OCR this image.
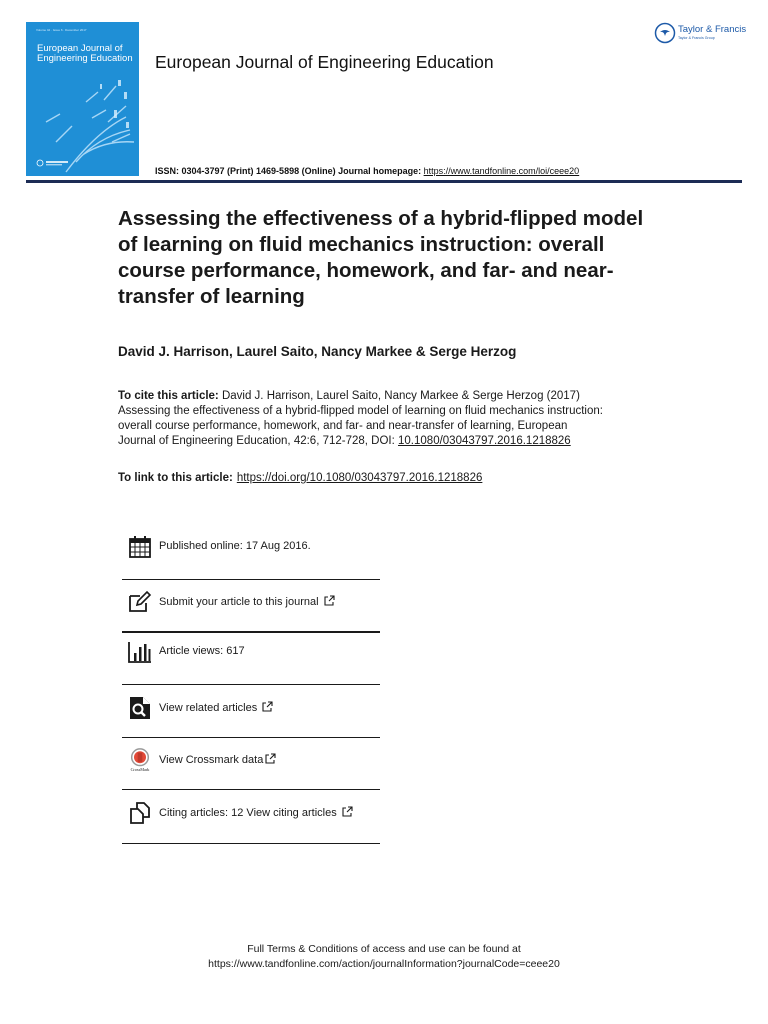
Volume 42 · Issue 6 · December 2017
European Journal of Engineering Education European Journal of Engineering Education
Taylor & Francis
Taylor & Francis Group
ISSN: 0304-3797 (Print) 1469-5898 (Online) Journal homepage: https://www.tandfonline.com/loi/ceee20
Assessing the effectiveness of a hybrid-flipped model of learning on fluid mechanics instruction: overall course performance, homework, and far- and near-transfer of learning
David J. Harrison, Laurel Saito, Nancy Markee & Serge Herzog
To cite this article: David J. Harrison, Laurel Saito, Nancy Markee & Serge Herzog (2017) Assessing the effectiveness of a hybrid-flipped model of learning on fluid mechanics instruction: overall course performance, homework, and far- and near-transfer of learning, European Journal of Engineering Education, 42:6, 712-728, DOI: 10.1080/03043797.2016.1218826
To link to this article: https://doi.org/10.1080/03043797.2016.1218826
Published online: 17 Aug 2016.
Submit your article to this journal
Article views: 617
View related articles
CrossMark
View Crossmark data
Citing articles: 12 View citing articles
Full Terms & Conditions of access and use can be found at
https://www.tandfonline.com/action/journalInformation?journalCode=ceee20
